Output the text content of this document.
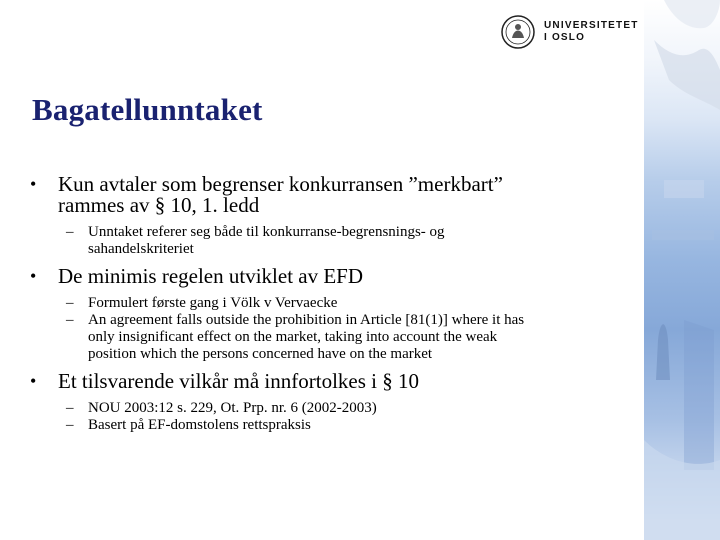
UNIVERSITETET
I OSLO
Bagatellunntaket
• Kun avtaler som begrenser konkurransen ”merkbart”
rammes av § 10, 1. ledd
– Unntaket referer seg både til konkurranse-begrensnings- og
sahandelskriteriet
• De minimis regelen utviklet av EFD
– Formulert første gang i Völk v Vervaecke
– An agreement falls outside the prohibition in Article [81(1)] where it has
only insignificant effect on the market, taking into account the weak
position which the persons concerned have on the market
• Et tilsvarende vilkår må innfortolkes i § 10
– NOU 2003:12 s. 229, Ot. Prp. nr. 6 (2002-2003)
– Basert på EF-domstolens rettspraksis
